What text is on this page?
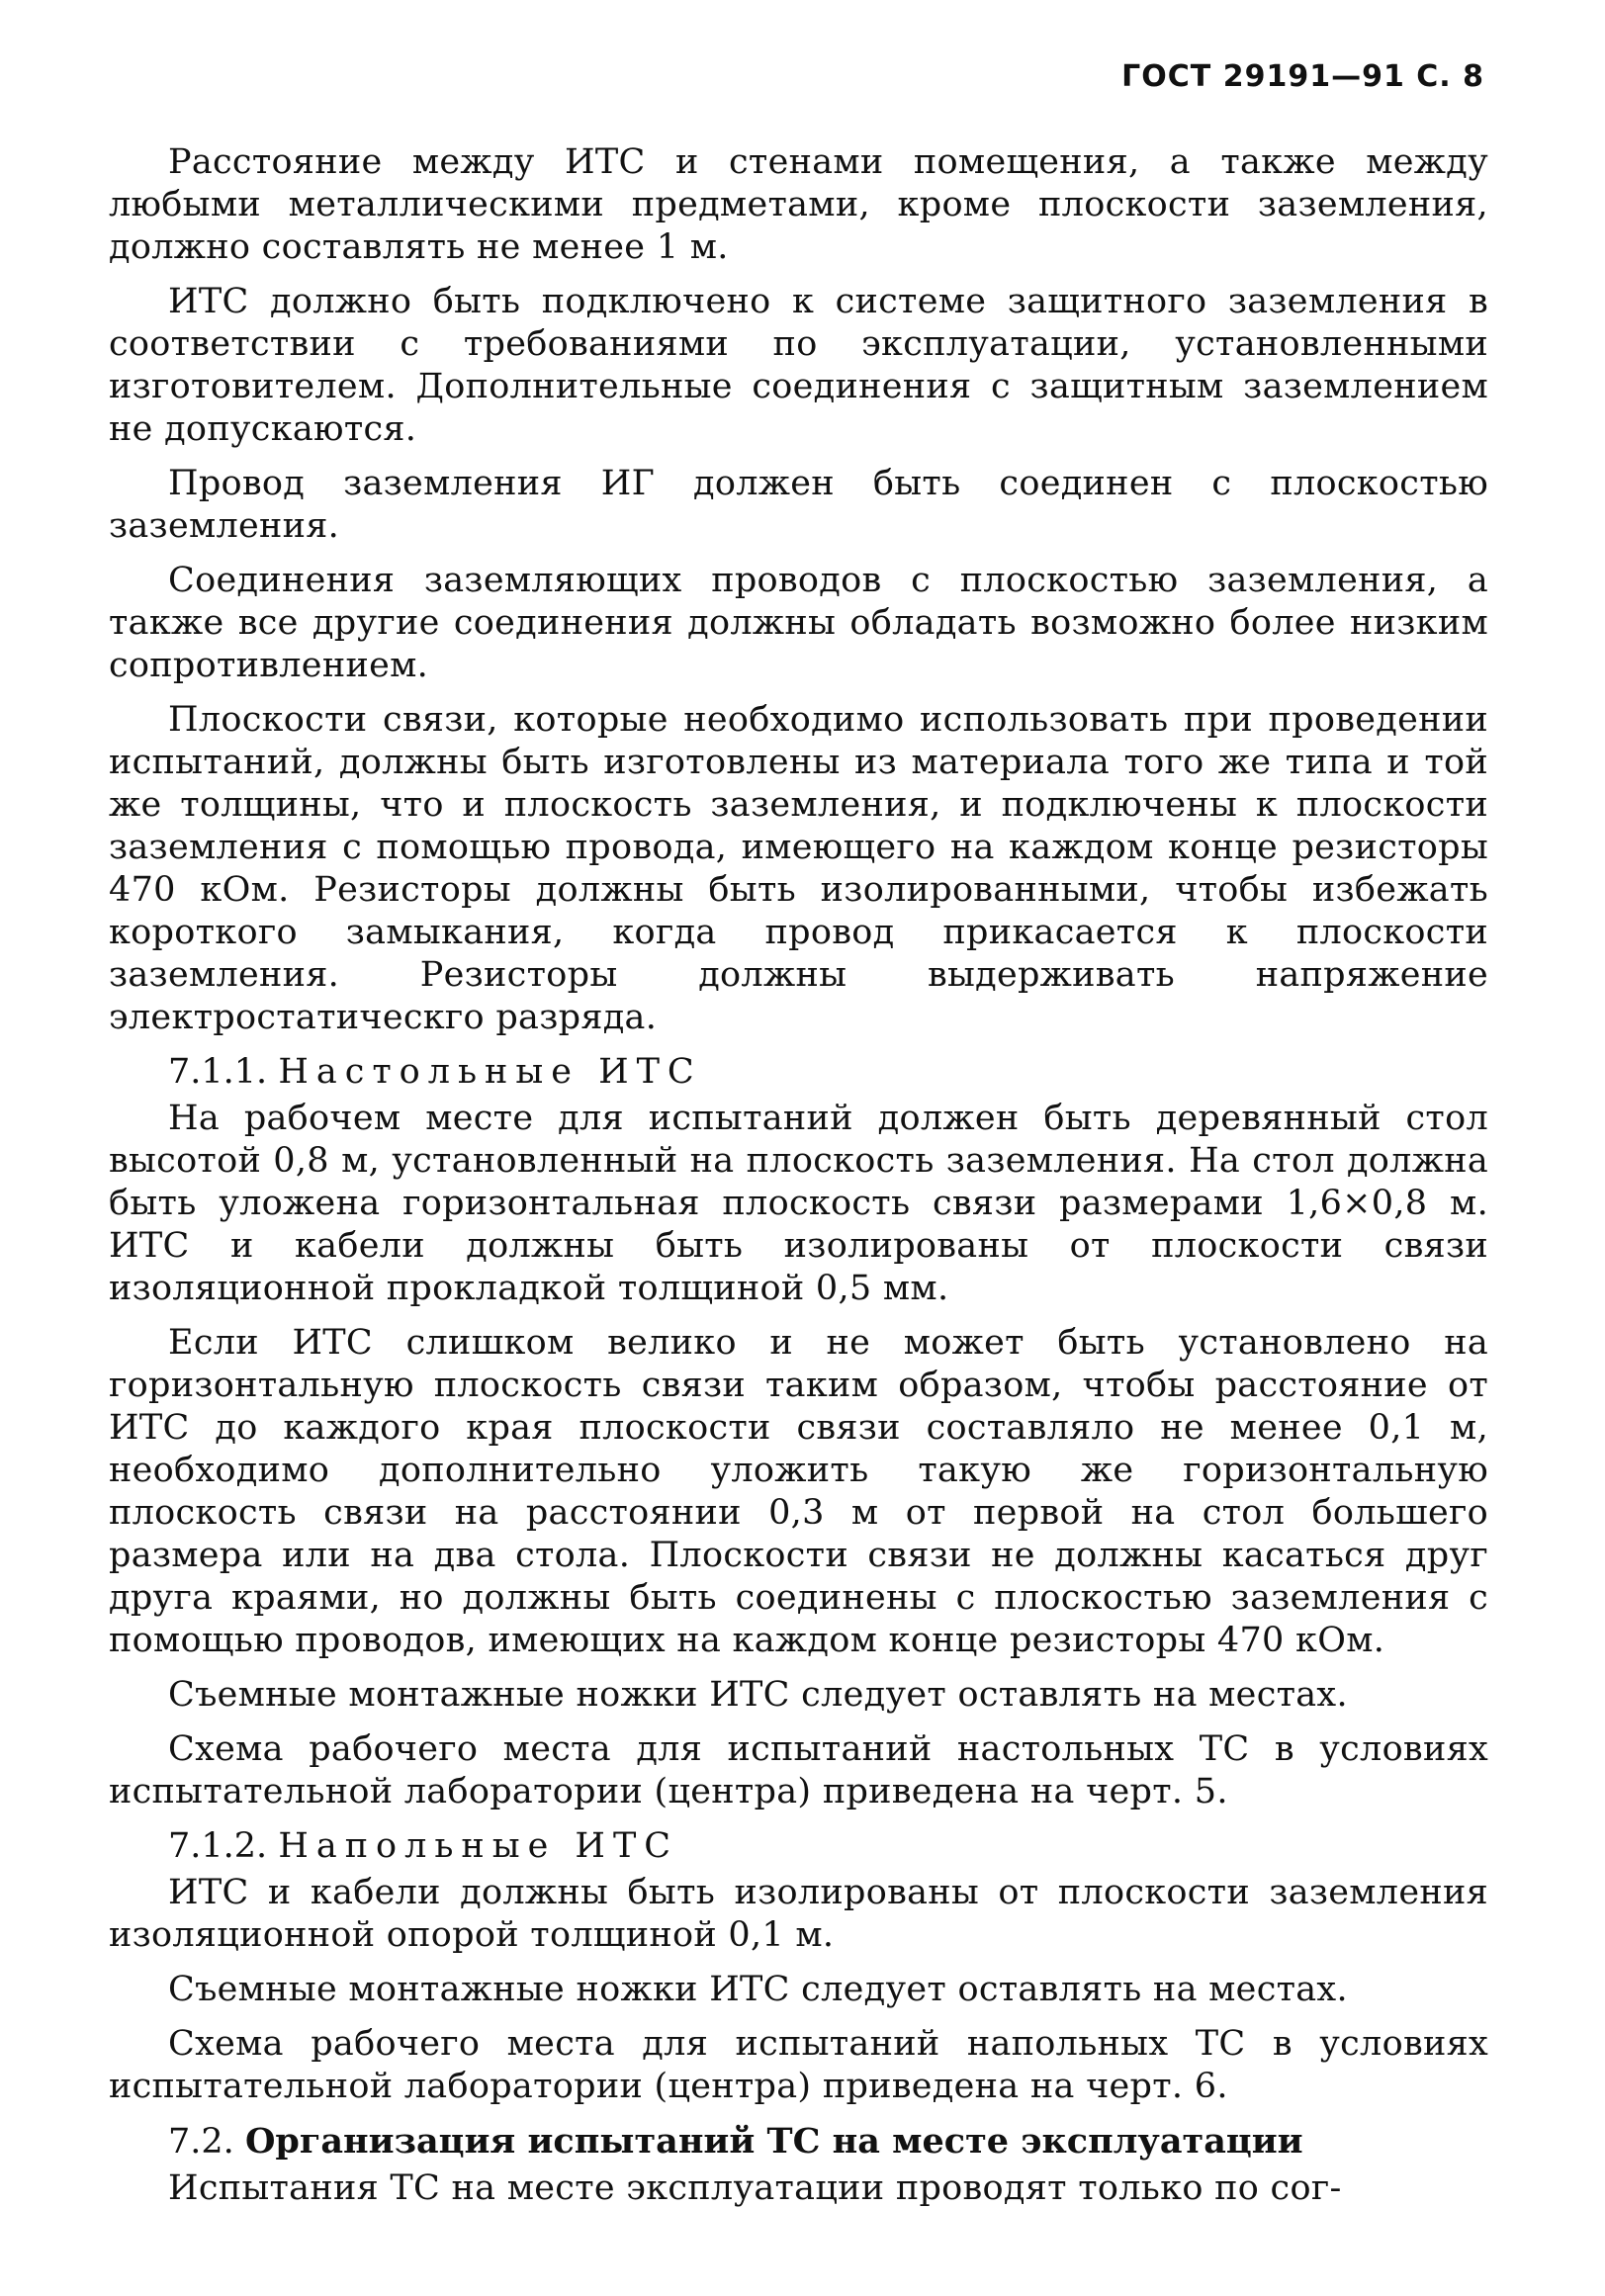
ГОСТ 29191—91 С. 8

Расстояние между ИТС и стенами помещения, а также между любыми металлическими предметами, кроме плоскости заземления, должно составлять не менее 1 м.

ИТС должно быть подключено к системе защитного заземления в соответствии с требованиями по эксплуатации, установленными изготовителем. Дополнительные соединения с защитным заземлением не допускаются.

Провод заземления ИГ должен быть соединен с плоскостью заземления.

Соединения заземляющих проводов с плоскостью заземления, а также все другие соединения должны обладать возможно более низким сопротивлением.

Плоскости связи, которые необходимо использовать при проведении испытаний, должны быть изготовлены из материала того же типа и той же толщины, что и плоскость заземления, и подключены к плоскости заземления с помощью провода, имеющего на каждом конце резисторы 470 кОм. Резисторы должны быть изолированными, чтобы избежать короткого замыкания, когда провод прикасается к плоскости заземления. Резисторы должны выдерживать напряжение электростатическго разряда.

7.1.1. Настольные ИТС

На рабочем месте для испытаний должен быть деревянный стол высотой 0,8 м, установленный на плоскость заземления. На стол должна быть уложена горизонтальная плоскость связи размерами 1,6×0,8 м. ИТС и кабели должны быть изолированы от плоскости связи изоляционной прокладкой толщиной 0,5 мм.

Если ИТС слишком велико и не может быть установлено на горизонтальную плоскость связи таким образом, чтобы расстояние от ИТС до каждого края плоскости связи составляло не менее 0,1 м, необходимо дополнительно уложить такую же горизонтальную плоскость связи на расстоянии 0,3 м от первой на стол большего размера или на два стола. Плоскости связи не должны касаться друг друга краями, но должны быть соединены с плоскостью заземления с помощью проводов, имеющих на каждом конце резисторы 470 кОм.

Съемные монтажные ножки ИТС следует оставлять на местах.

Схема рабочего места для испытаний настольных ТС в условиях испытательной лаборатории (центра) приведена на черт. 5.

7.1.2. Напольные ИТС

ИТС и кабели должны быть изолированы от плоскости заземления изоляционной опорой толщиной 0,1 м.

Съемные монтажные ножки ИТС следует оставлять на местах.

Схема рабочего места для испытаний напольных ТС в условиях испытательной лаборатории (центра) приведена на черт. 6.

7.2. Организация испытаний ТС на месте эксплуатации

Испытания ТС на месте эксплуатации проводят только по сог-
